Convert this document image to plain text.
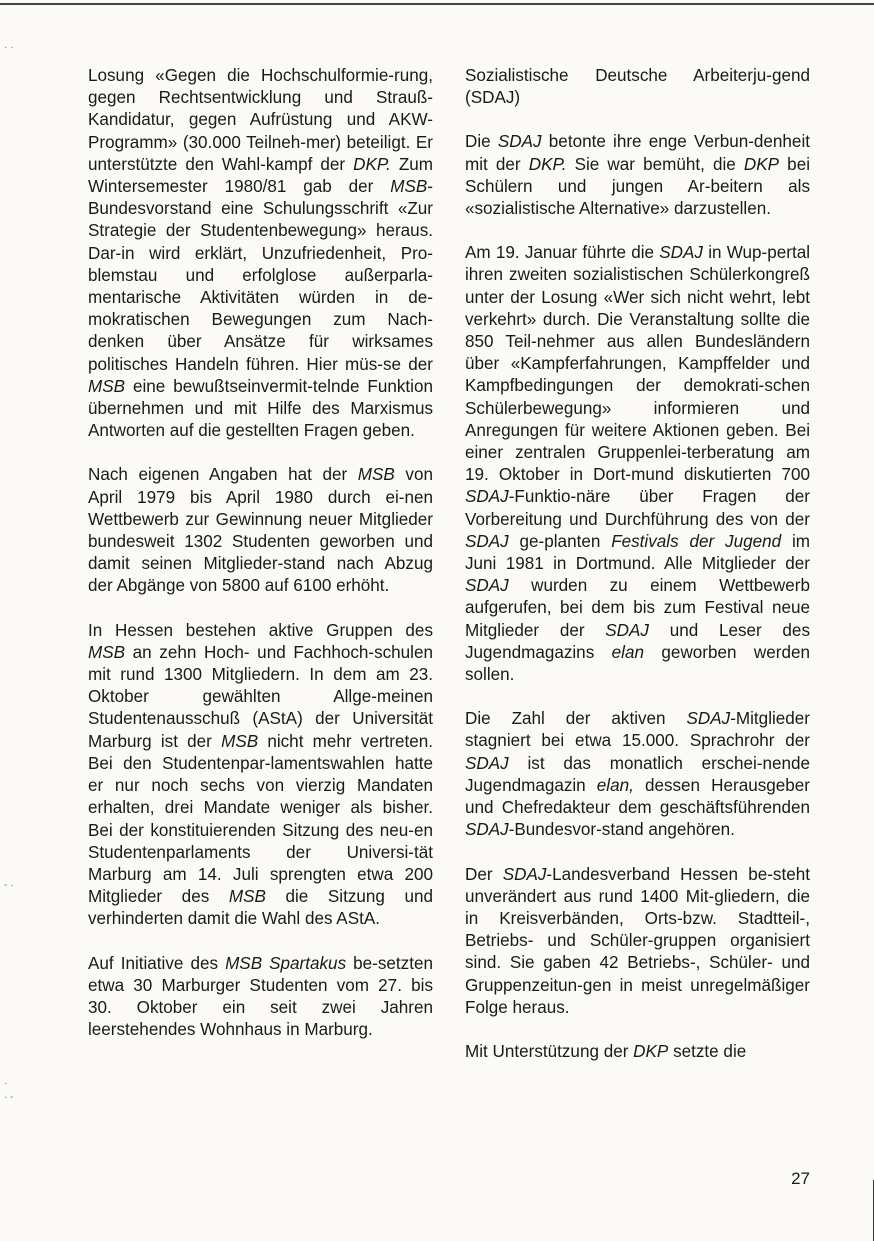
· ·
- ·
·
· -

Losung «Gegen die Hochschulformie-rung, gegen Rechtsentwicklung und Strauß-Kandidatur, gegen Aufrüstung und AKW-Programm» (30.000 Teilneh-mer) beteiligt. Er unterstützte den Wahl-kampf der DKP. Zum Wintersemester 1980/81 gab der MSB-Bundesvorstand eine Schulungsschrift «Zur Strategie der Studentenbewegung» heraus. Dar-in wird erklärt, Unzufriedenheit, Pro-blemstau und erfolglose außerparla-mentarische Aktivitäten würden in de-mokratischen Bewegungen zum Nach-denken über Ansätze für wirksames politisches Handeln führen. Hier müs-se der MSB eine bewußtseinvermit-telnde Funktion übernehmen und mit Hilfe des Marxismus Antworten auf die gestellten Fragen geben.

Nach eigenen Angaben hat der MSB von April 1979 bis April 1980 durch ei-nen Wettbewerb zur Gewinnung neuer Mitglieder bundesweit 1302 Studenten geworben und damit seinen Mitglieder-stand nach Abzug der Abgänge von 5800 auf 6100 erhöht.

In Hessen bestehen aktive Gruppen des MSB an zehn Hoch- und Fachhoch-schulen mit rund 1300 Mitgliedern. In dem am 23. Oktober gewählten Allge-meinen Studentenausschuß (AStA) der Universität Marburg ist der MSB nicht mehr vertreten. Bei den Studentenpar-lamentswahlen hatte er nur noch sechs von vierzig Mandaten erhalten, drei Mandate weniger als bisher. Bei der konstituierenden Sitzung des neu-en Studentenparlaments der Universi-tät Marburg am 14. Juli sprengten etwa 200 Mitglieder des MSB die Sitzung und verhinderten damit die Wahl des AStA.

Auf Initiative des MSB Spartakus be-setzten etwa 30 Marburger Studenten vom 27. bis 30. Oktober ein seit zwei Jahren leerstehendes Wohnhaus in Marburg.

Sozialistische Deutsche Arbeiterju-gend (SDAJ)

Die SDAJ betonte ihre enge Verbun-denheit mit der DKP. Sie war bemüht, die DKP bei Schülern und jungen Ar-beitern als «sozialistische Alternative» darzustellen.

Am 19. Januar führte die SDAJ in Wup-pertal ihren zweiten sozialistischen Schülerkongreß unter der Losung «Wer sich nicht wehrt, lebt verkehrt» durch. Die Veranstaltung sollte die 850 Teil-nehmer aus allen Bundesländern über «Kampferfahrungen, Kampffelder und Kampfbedingungen der demokrati-schen Schülerbewegung» informieren und Anregungen für weitere Aktionen geben. Bei einer zentralen Gruppenlei-terberatung am 19. Oktober in Dort-mund diskutierten 700 SDAJ-Funktio-näre über Fragen der Vorbereitung und Durchführung des von der SDAJ ge-planten Festivals der Jugend im Juni 1981 in Dortmund. Alle Mitglieder der SDAJ wurden zu einem Wettbewerb aufgerufen, bei dem bis zum Festival neue Mitglieder der SDAJ und Leser des Jugendmagazins elan geworben werden sollen.

Die Zahl der aktiven SDAJ-Mitglieder stagniert bei etwa 15.000. Sprachrohr der SDAJ ist das monatlich erschei-nende Jugendmagazin elan, dessen Herausgeber und Chefredakteur dem geschäftsführenden SDAJ-Bundesvor-stand angehören.

Der SDAJ-Landesverband Hessen be-steht unverändert aus rund 1400 Mit-gliedern, die in Kreisverbänden, Orts-bzw. Stadtteil-, Betriebs- und Schüler-gruppen organisiert sind. Sie gaben 42 Betriebs-, Schüler- und Gruppenzeitun-gen in meist unregelmäßiger Folge heraus.

Mit Unterstützung der DKP setzte die

27
